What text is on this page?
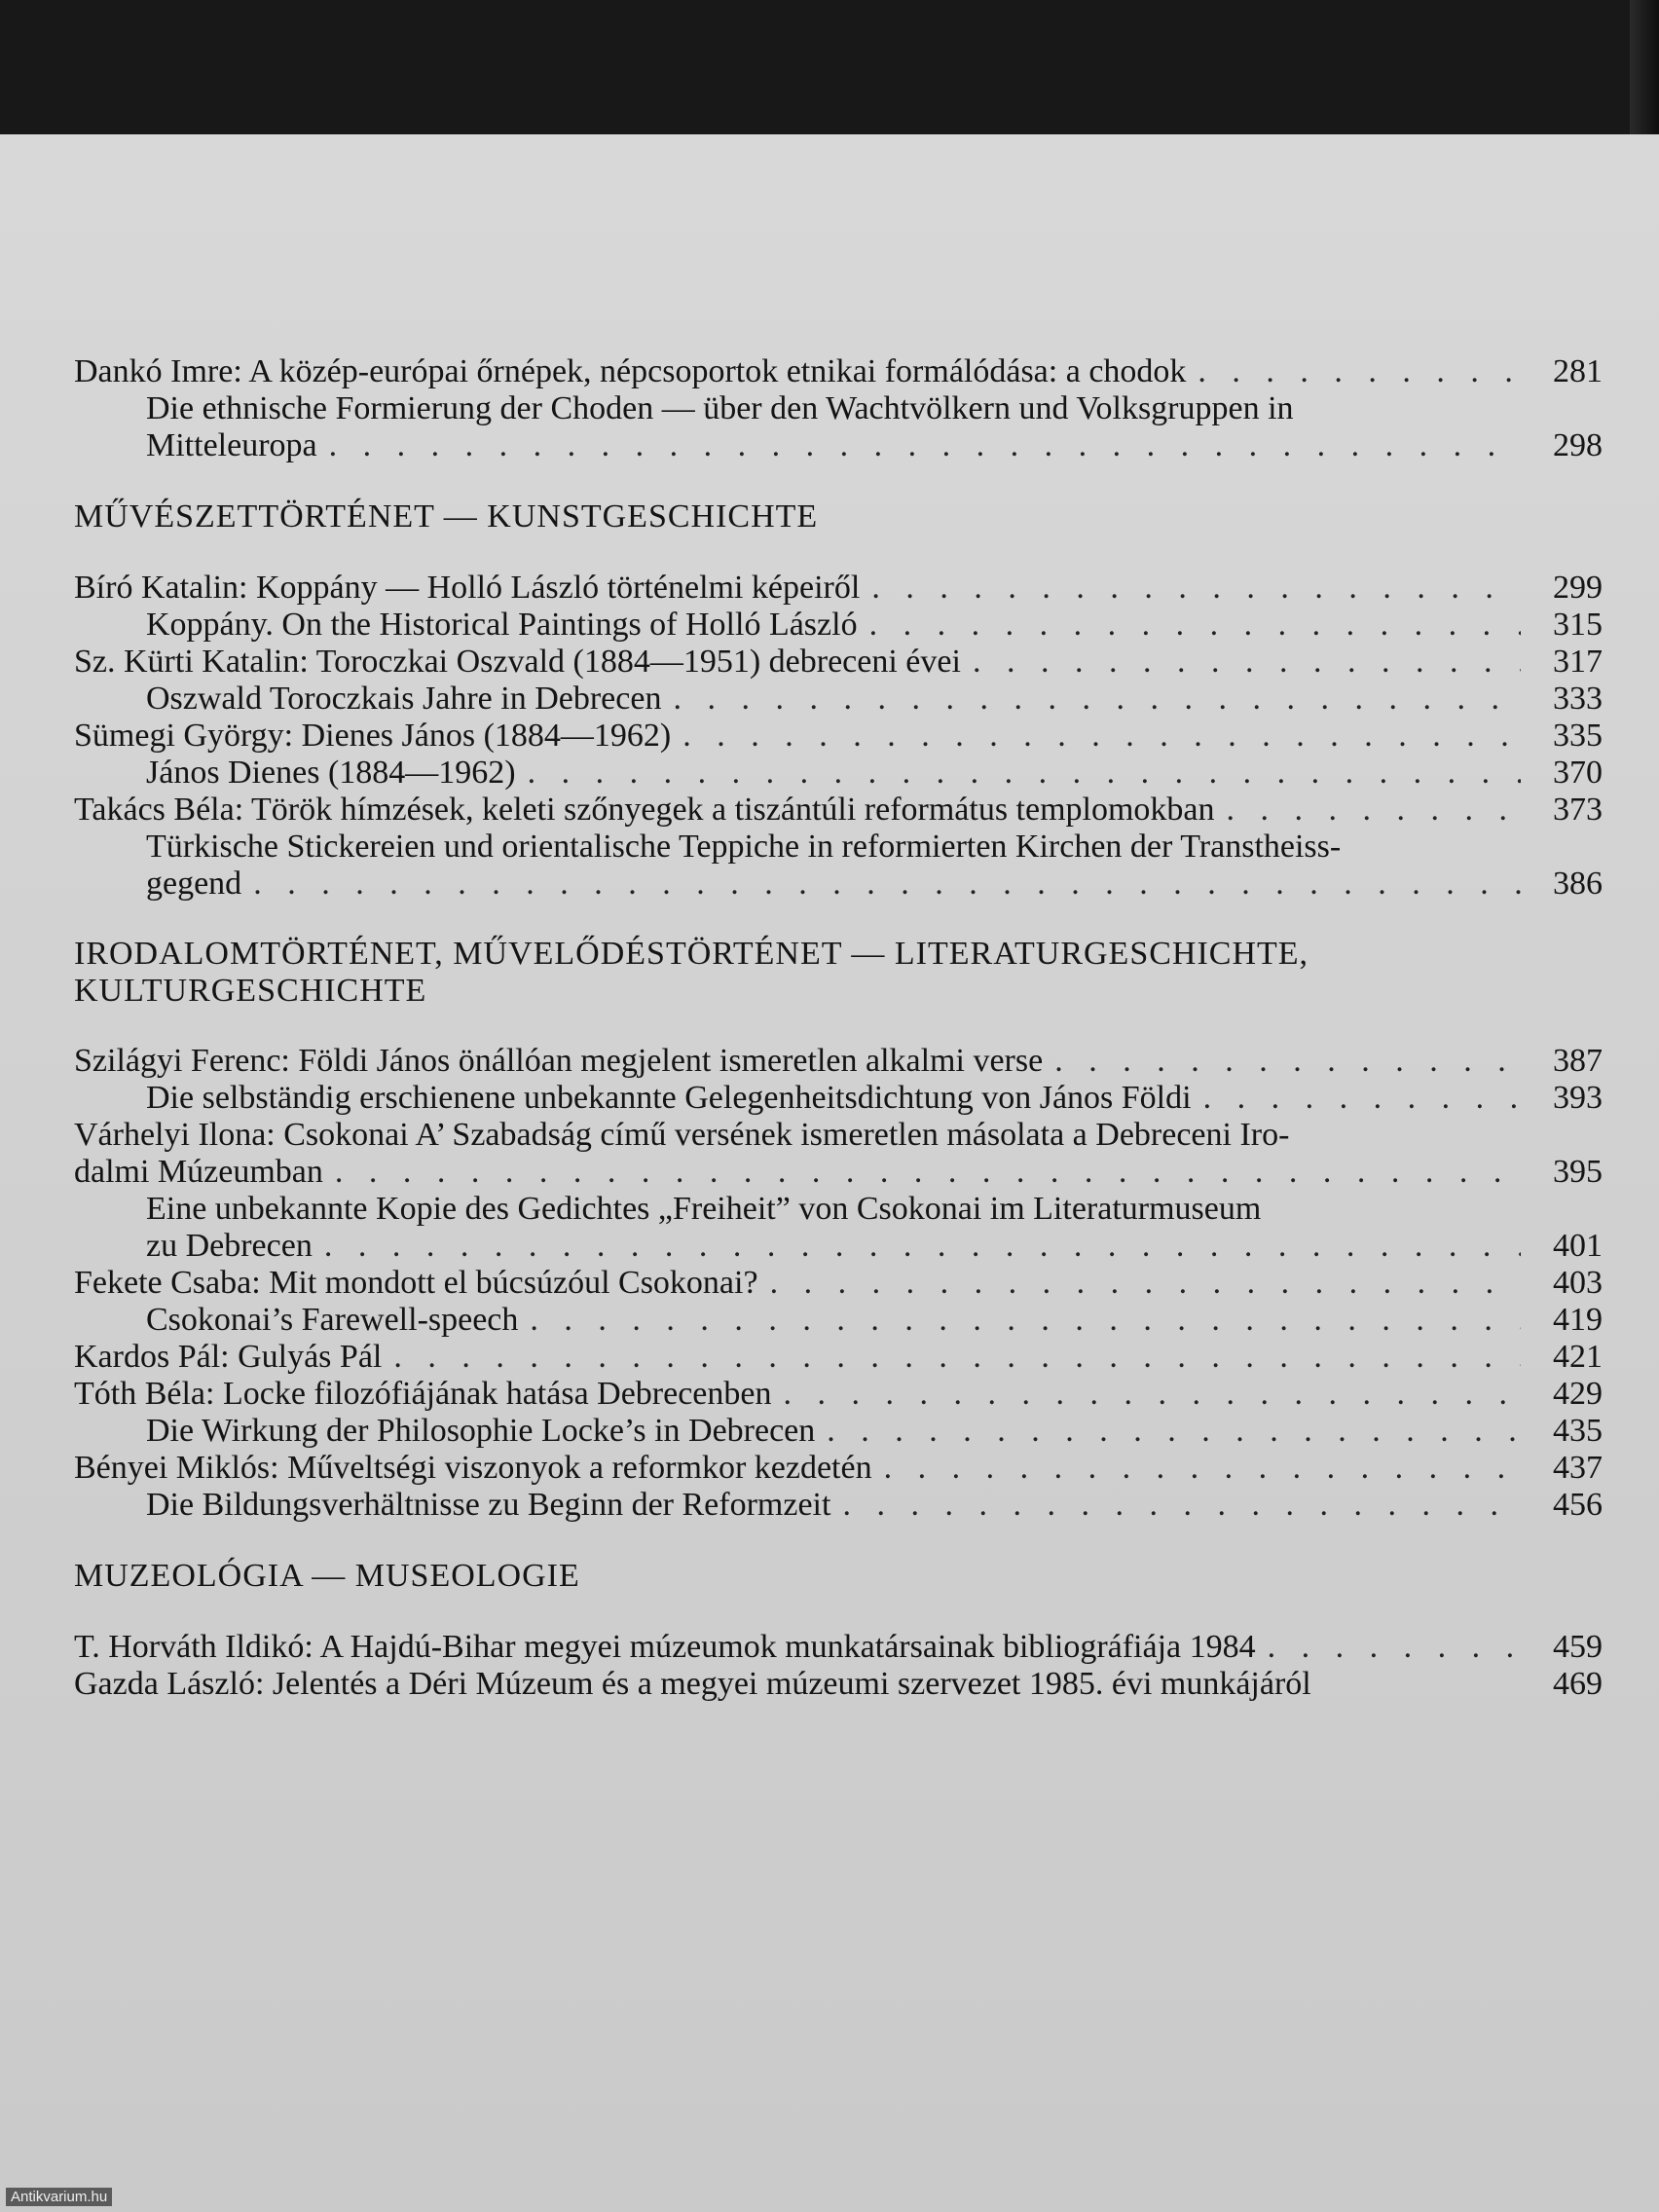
Dankó Imre: A közép-európai őrnépek, népcsoportok etnikai formálódása: a chodok . . .	281
Die ethnische Formierung der Choden — über den Wachtvölkern und Volksgruppen in
Mitteleuropa . . .	298
MŰVÉSZETTÖRTÉNET — KUNSTGESCHICHTE
Bíró Katalin: Koppány — Holló László történelmi képeiről . . .	299
Koppány. On the Historical Paintings of Holló László . . .	315
Sz. Kürti Katalin: Toroczkai Oszvald (1884—1951) debreceni évei . . .	317
Oszwald Toroczkais Jahre in Debrecen . . .	333
Sümegi György: Dienes János (1884—1962) . . .	335
János Dienes (1884—1962) . . .	370
Takács Béla: Török hímzések, keleti szőnyegek a tiszántúli református templomokban . . .	373
Türkische Stickereien und orientalische Teppiche in reformierten Kirchen der Transtheiss-
gegend . . .	386
IRODALOMTÖRTÉNET, MŰVELŐDÉSTÖRTÉNET — LITERATURGESCHICHTE,
KULTURGESCHICHTE
Szilágyi Ferenc: Földi János önállóan megjelent ismeretlen alkalmi verse . . .	387
Die selbständig erschienene unbekannte Gelegenheitsdichtung von János Földi . . .	393
Várhelyi Ilona: Csokonai A’ Szabadság című versének ismeretlen másolata a Debreceni Iro-
dalmi Múzeumban . . .	395
Eine unbekannte Kopie des Gedichtes „Freiheit” von Csokonai im Literaturmuseum
zu Debrecen . . .	401
Fekete Csaba: Mit mondott el búcsúzóul Csokonai? . . .	403
Csokonai’s Farewell-speech . . .	419
Kardos Pál: Gulyás Pál . . .	421
Tóth Béla: Locke filozófiájának hatása Debrecenben . . .	429
Die Wirkung der Philosophie Locke’s in Debrecen . . .	435
Bényei Miklós: Műveltségi viszonyok a reformkor kezdetén . . .	437
Die Bildungsverhältnisse zu Beginn der Reformzeit . . .	456
MUZEOLÓGIA — MUSEOLOGIE
T. Horváth Ildikó: A Hajdú-Bihar megyei múzeumok munkatársainak bibliográfiája 1984 . . .	459
Gazda László: Jelentés a Déri Múzeum és a megyei múzeumi szervezet 1985. évi munkájáról	469
Antikvarium.hu
